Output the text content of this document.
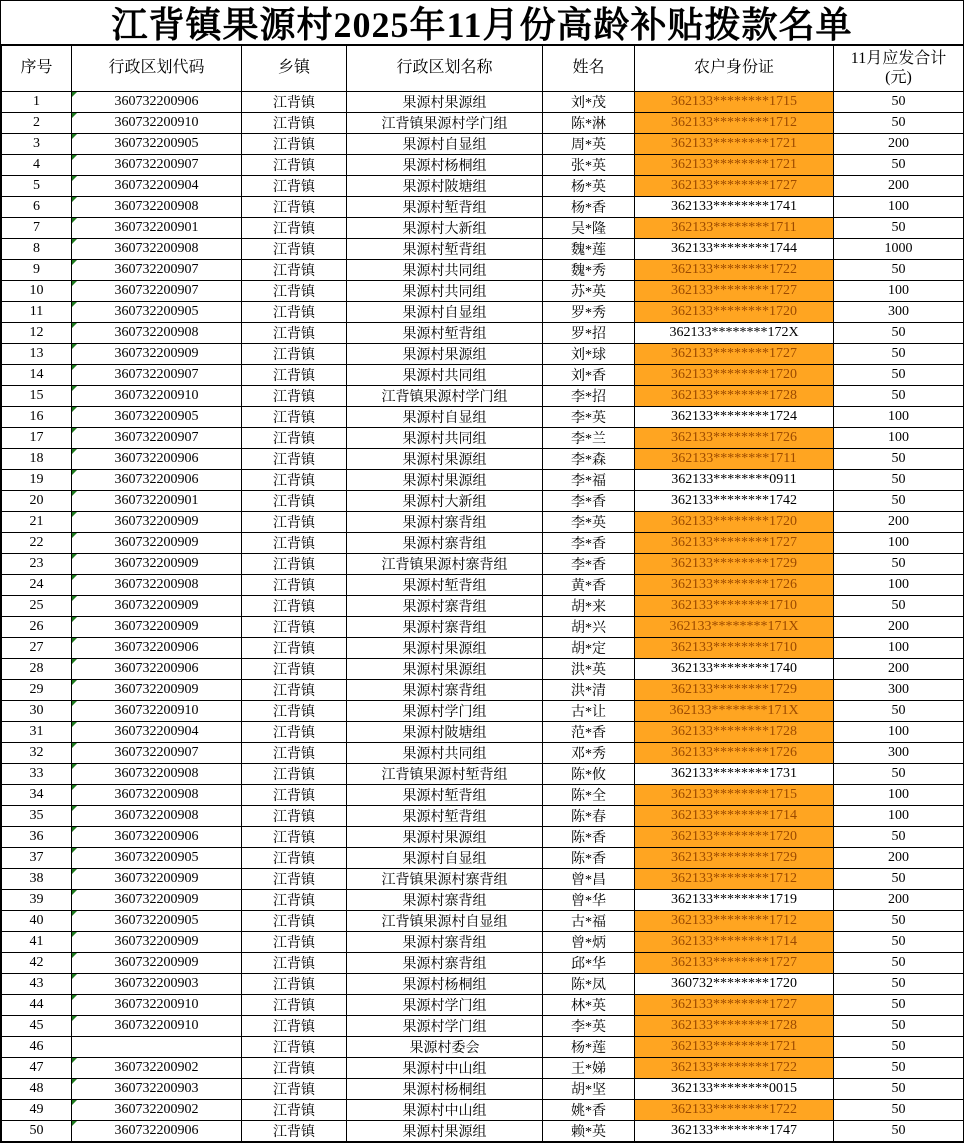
江背镇果源村2025年11月份高龄补贴拨款名单
序号	行政区划代码	乡镇	行政区划名称	姓名	农户身份证	11月应发合计
(元)

1	360732200906	江背镇	果源村果源组	刘*茂	362133********1715	50
2	360732200910	江背镇	江背镇果源村学门组	陈*淋	362133********1712	50
3	360732200905	江背镇	果源村自显组	周*英	362133********1721	200
4	360732200907	江背镇	果源村杨桐组	张*英	362133********1721	50
5	360732200904	江背镇	果源村陂塘组	杨*英	362133********1727	200
6	360732200908	江背镇	果源村堑背组	杨*香	362133********1741	100
7	360732200901	江背镇	果源村大新组	吴*隆	362133********1711	50
8	360732200908	江背镇	果源村堑背组	魏*莲	362133********1744	1000
9	360732200907	江背镇	果源村共同组	魏*秀	362133********1722	50
10	360732200907	江背镇	果源村共同组	苏*英	362133********1727	100
11	360732200905	江背镇	果源村自显组	罗*秀	362133********1720	300
12	360732200908	江背镇	果源村堑背组	罗*招	362133********172X	50
13	360732200909	江背镇	果源村果源组	刘*球	362133********1727	50
14	360732200907	江背镇	果源村共同组	刘*香	362133********1720	50
15	360732200910	江背镇	江背镇果源村学门组	李*招	362133********1728	50
16	360732200905	江背镇	果源村自显组	李*英	362133********1724	100
17	360732200907	江背镇	果源村共同组	李*兰	362133********1726	100
18	360732200906	江背镇	果源村果源组	李*森	362133********1711	50
19	360732200906	江背镇	果源村果源组	李*福	362133********0911	50
20	360732200901	江背镇	果源村大新组	李*香	362133********1742	50
21	360732200909	江背镇	果源村寨背组	李*英	362133********1720	200
22	360732200909	江背镇	果源村寨背组	李*香	362133********1727	100
23	360732200909	江背镇	江背镇果源村寨背组	李*香	362133********1729	50
24	360732200908	江背镇	果源村堑背组	黄*香	362133********1726	100
25	360732200909	江背镇	果源村寨背组	胡*来	362133********1710	50
26	360732200909	江背镇	果源村寨背组	胡*兴	362133********171X	200
27	360732200906	江背镇	果源村果源组	胡*定	362133********1710	100
28	360732200906	江背镇	果源村果源组	洪*英	362133********1740	200
29	360732200909	江背镇	果源村寨背组	洪*清	362133********1729	300
30	360732200910	江背镇	果源村学门组	古*让	362133********171X	50
31	360732200904	江背镇	果源村陂塘组	范*香	362133********1728	100
32	360732200907	江背镇	果源村共同组	邓*秀	362133********1726	300
33	360732200908	江背镇	江背镇果源村堑背组	陈*攸	362133********1731	50
34	360732200908	江背镇	果源村堑背组	陈*全	362133********1715	100
35	360732200908	江背镇	果源村堑背组	陈*春	362133********1714	100
36	360732200906	江背镇	果源村果源组	陈*香	362133********1720	50
37	360732200905	江背镇	果源村自显组	陈*香	362133********1729	200
38	360732200909	江背镇	江背镇果源村寨背组	曾*昌	362133********1712	50
39	360732200909	江背镇	果源村寨背组	曾*华	362133********1719	200
40	360732200905	江背镇	江背镇果源村自显组	古*福	362133********1712	50
41	360732200909	江背镇	果源村寨背组	曾*炳	362133********1714	50
42	360732200909	江背镇	果源村寨背组	邱*华	362133********1727	50
43	360732200903	江背镇	果源村杨桐组	陈*凤	360732********1720	50
44	360732200910	江背镇	果源村学门组	林*英	362133********1727	50
45	360732200910	江背镇	果源村学门组	李*英	362133********1728	50
46		江背镇	果源村委会	杨*莲	362133********1721	50
47	360732200902	江背镇	果源村中山组	王*娣	362133********1722	50
48	360732200903	江背镇	果源村杨桐组	胡*坚	362133********0015	50
49	360732200902	江背镇	果源村中山组	姚*香	362133********1722	50
50	360732200906	江背镇	果源村果源组	赖*英	362133********1747	50
